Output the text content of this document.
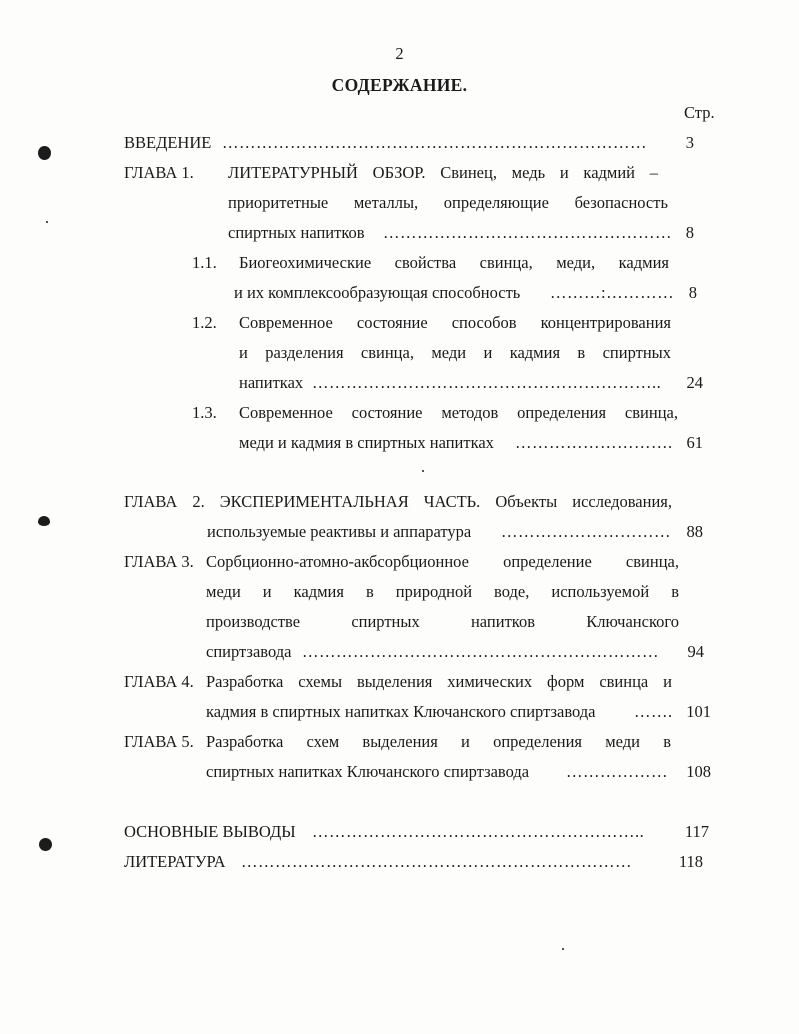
2
СОДЕРЖАНИЕ.
Стр.
ВВЕДЕНИЕ …………………………………………………………………	3
ГЛАВА 1. ЛИТЕРАТУРНЫЙ ОБЗОР. Свинец, медь и кадмий –
приоритетные металлы, определяющие безопасность
спиртных напитков …………………………………………… 8
1.1. Биогеохимические свойства свинца, меди, кадмия
и их комплексообразующая способность ………:………… 8
1.2. Современное состояние способов концентрирования
и разделения свинца, меди и кадмия в спиртных
напитках ……………………………………………………..	24
1.3. Современное состояние методов определения свинца,
меди и кадмия в спиртных напитках ………………………. 61
ГЛАВА 2. ЭКСПЕРИМЕНТАЛЬНАЯ ЧАСТЬ. Объекты исследования,
используемые реактивы и аппаратура ………………………… 88
ГЛАВА 3. Сорбционно-атомно-акбсорбционное определение свинца,
меди и кадмия в природной воде, используемой в
производстве спиртных напитков Ключанского
спиртзавода ………………………………………………………	94
ГЛАВА 4. Разработка схемы выделения химических форм свинца и
кадмия в спиртных напитках Ключанского спиртзавода ……. 101
ГЛАВА 5. Разработка схем выделения и определения меди в
спиртных напитках Ключанского спиртзавода ………………	108
ОСНОВНЫЕ ВЫВОДЫ …………………………………………………..	117
ЛИТЕРАТУРА ……………………………………………………………	118
